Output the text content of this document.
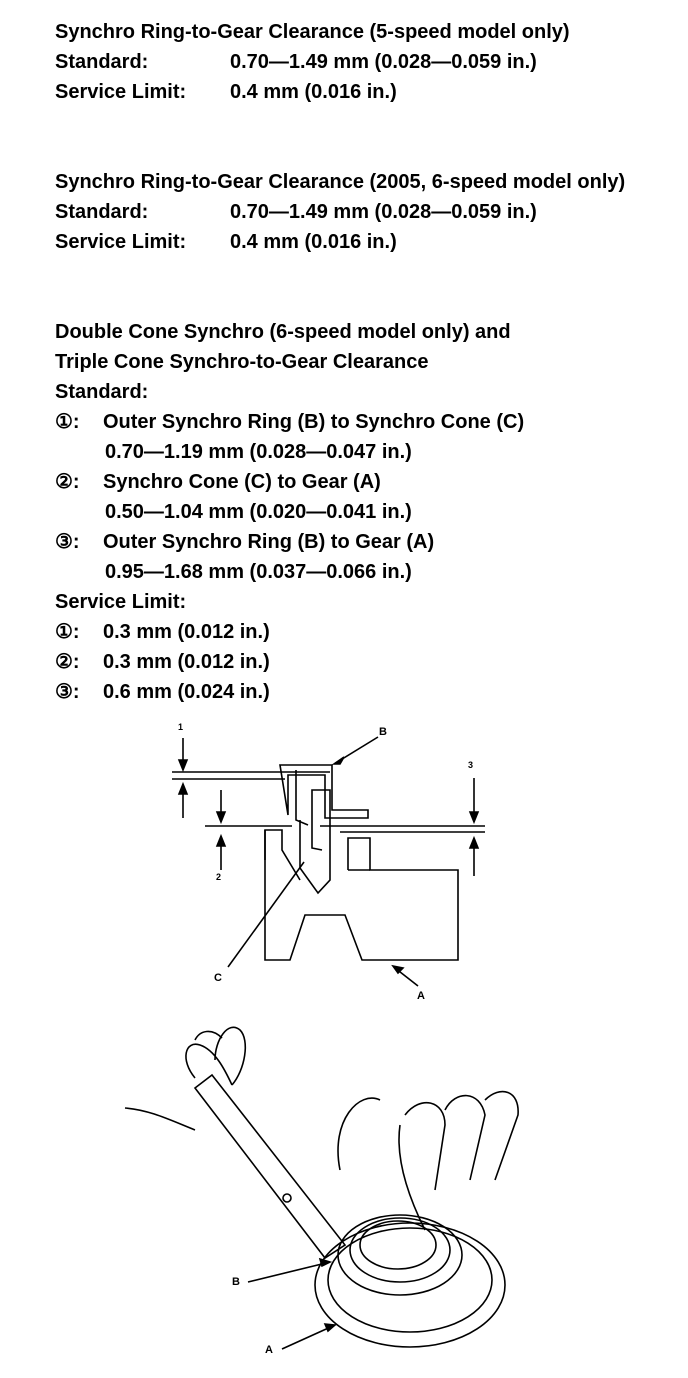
Synchro Ring-to-Gear Clearance (5-speed model only)
Standard:	0.70—1.49 mm (0.028—0.059 in.)
Service Limit:	0.4 mm (0.016 in.)
Synchro Ring-to-Gear Clearance (2005, 6-speed model only)
Standard:	0.70—1.49 mm (0.028—0.059 in.)
Service Limit:	0.4 mm (0.016 in.)
Double Cone Synchro (6-speed model only) and
Triple Cone Synchro-to-Gear Clearance
Standard:
①:	Outer Synchro Ring (B) to Synchro Cone (C)
0.70—1.19 mm (0.028—0.047 in.)
②:	Synchro Cone (C) to Gear (A)
0.50—1.04 mm (0.020—0.041 in.)
③:	Outer Synchro Ring (B) to Gear (A)
0.95—1.68 mm (0.037—0.066 in.)
Service Limit:
①:	0.3 mm (0.012 in.)
②:	0.3 mm (0.012 in.)
③:	0.6 mm (0.024 in.)
1
2
3
B
C
A
B
A
